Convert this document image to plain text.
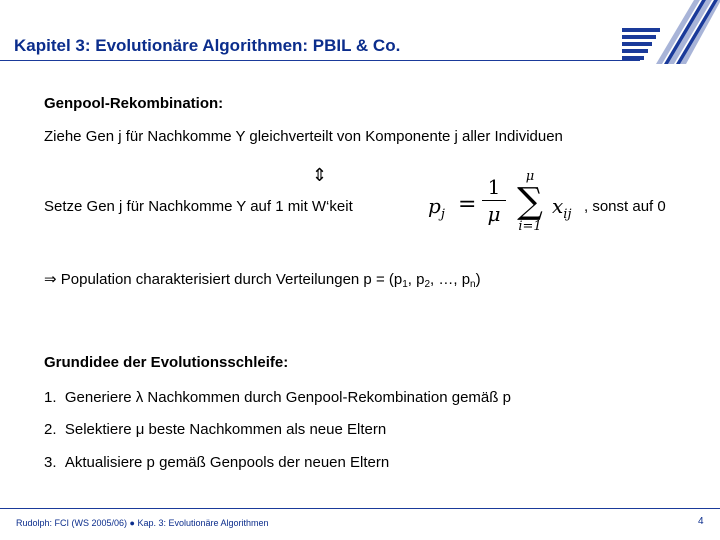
Kapitel 3: Evolutionäre Algorithmen: PBIL & Co.
Genpool-Rekombination:
Ziehe Gen j für Nachkomme Y gleichverteilt von Komponente j aller Individuen
⇕
Setze Gen j für Nachkomme Y auf 1 mit W‘keit	, sonst auf 0
$p_j$ =
1
μ
μ
∑
i=1
$x_{ij}$
⇒ Population charakterisiert durch Verteilungen $p = (p_1$, $p_2$, …, $p_n$)
Grundidee der Evolutionsschleife:
1. Generiere λ Nachkommen durch Genpool-Rekombination gemäß p
2. Selektiere μ beste Nachkommen als neue Eltern
3. Aktualisiere p gemäß Genpools der neuen Eltern
Rudolph: FCI (WS 2005/06) ● Kap. 3: Evolutionäre Algorithmen	4
